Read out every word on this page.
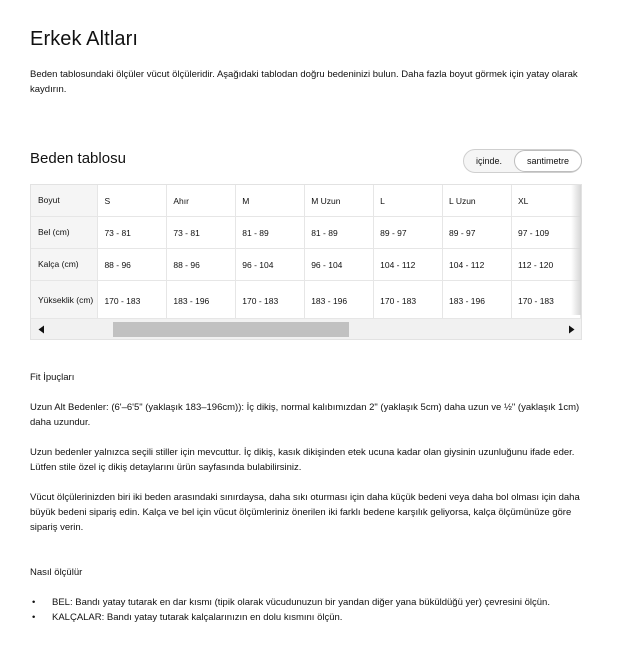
Erkek Altları
Beden tablosundaki ölçüler vücut ölçüleridir. Aşağıdaki tablodan doğru bedeninizi bulun. Daha fazla boyut görmek için yatay olarak kaydırın.
Beden tablosu	içinde.	santimetre
Boyut	S	Ahır	M	M Uzun	L	L Uzun	XL
Bel (cm)	73 - 81	73 - 81	81 - 89	81 - 89	89 - 97	89 - 97	97 - 109
Kalça (cm)	88 - 96	88 - 96	96 - 104	96 - 104	104 - 112	104 - 112	112 - 120
Yükseklik (cm)	170 - 183	183 - 196	170 - 183	183 - 196	170 - 183	183 - 196	170 - 183

Fit İpuçları

Uzun Alt Bedenler: (6'–6'5" (yaklaşık 183–196cm)): İç dikiş, normal kalıbımızdan 2" (yaklaşık 5cm) daha uzun ve ½" (yaklaşık 1cm) daha uzundur.

Uzun bedenler yalnızca seçili stiller için mevcuttur. İç dikiş, kasık dikişinden etek ucuna kadar olan giysinin uzunluğunu ifade eder. Lütfen stile özel iç dikiş detaylarını ürün sayfasında bulabilirsiniz.

Vücut ölçülerinizden biri iki beden arasındaki sınırdaysa, daha sıkı oturması için daha küçük bedeni veya daha bol olması için daha büyük bedeni sipariş edin. Kalça ve bel için vücut ölçümleriniz önerilen iki farklı bedene karşılık geliyorsa, kalça ölçümünüze göre sipariş verin.

Nasıl ölçülür

• BEL: Bandı yatay tutarak en dar kısmı (tipik olarak vücudunuzun bir yandan diğer yana büküldüğü yer) çevresini ölçün.
• KALÇALAR: Bandı yatay tutarak kalçalarınızın en dolu kısmını ölçün.
